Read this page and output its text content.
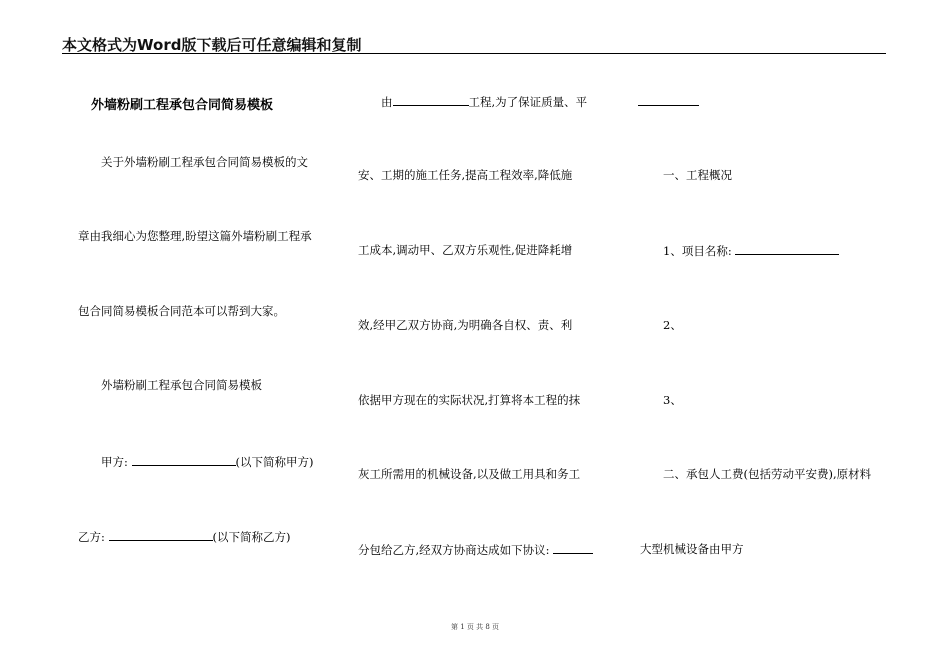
本文格式为Word版下载后可任意编辑和复制
外墙粉刷工程承包合同简易模板
关于外墙粉刷工程承包合同简易模板的文
章由我细心为您整理,盼望这篇外墙粉刷工程承
包合同简易模板合同范本可以帮到大家。
外墙粉刷工程承包合同简易模板
甲方:	(以下简称甲方)
乙方:	(以下简称乙方)
由	工程,为了保证质量、平
安、工期的施工任务,提高工程效率,降低施
工成本,调动甲、乙双方乐观性,促进降耗增
效,经甲乙双方协商,为明确各自权、责、利
依据甲方现在的实际状况,打算将本工程的抹
灰工所需用的机械设备,以及做工用具和务工
分包给乙方,经双方协商达成如下协议:
一、工程概况
1、项目名称:
2、
3、
二、承包人工费(包括劳动平安费),原材料
大型机械设备由甲方
第 1 页 共 8 页
